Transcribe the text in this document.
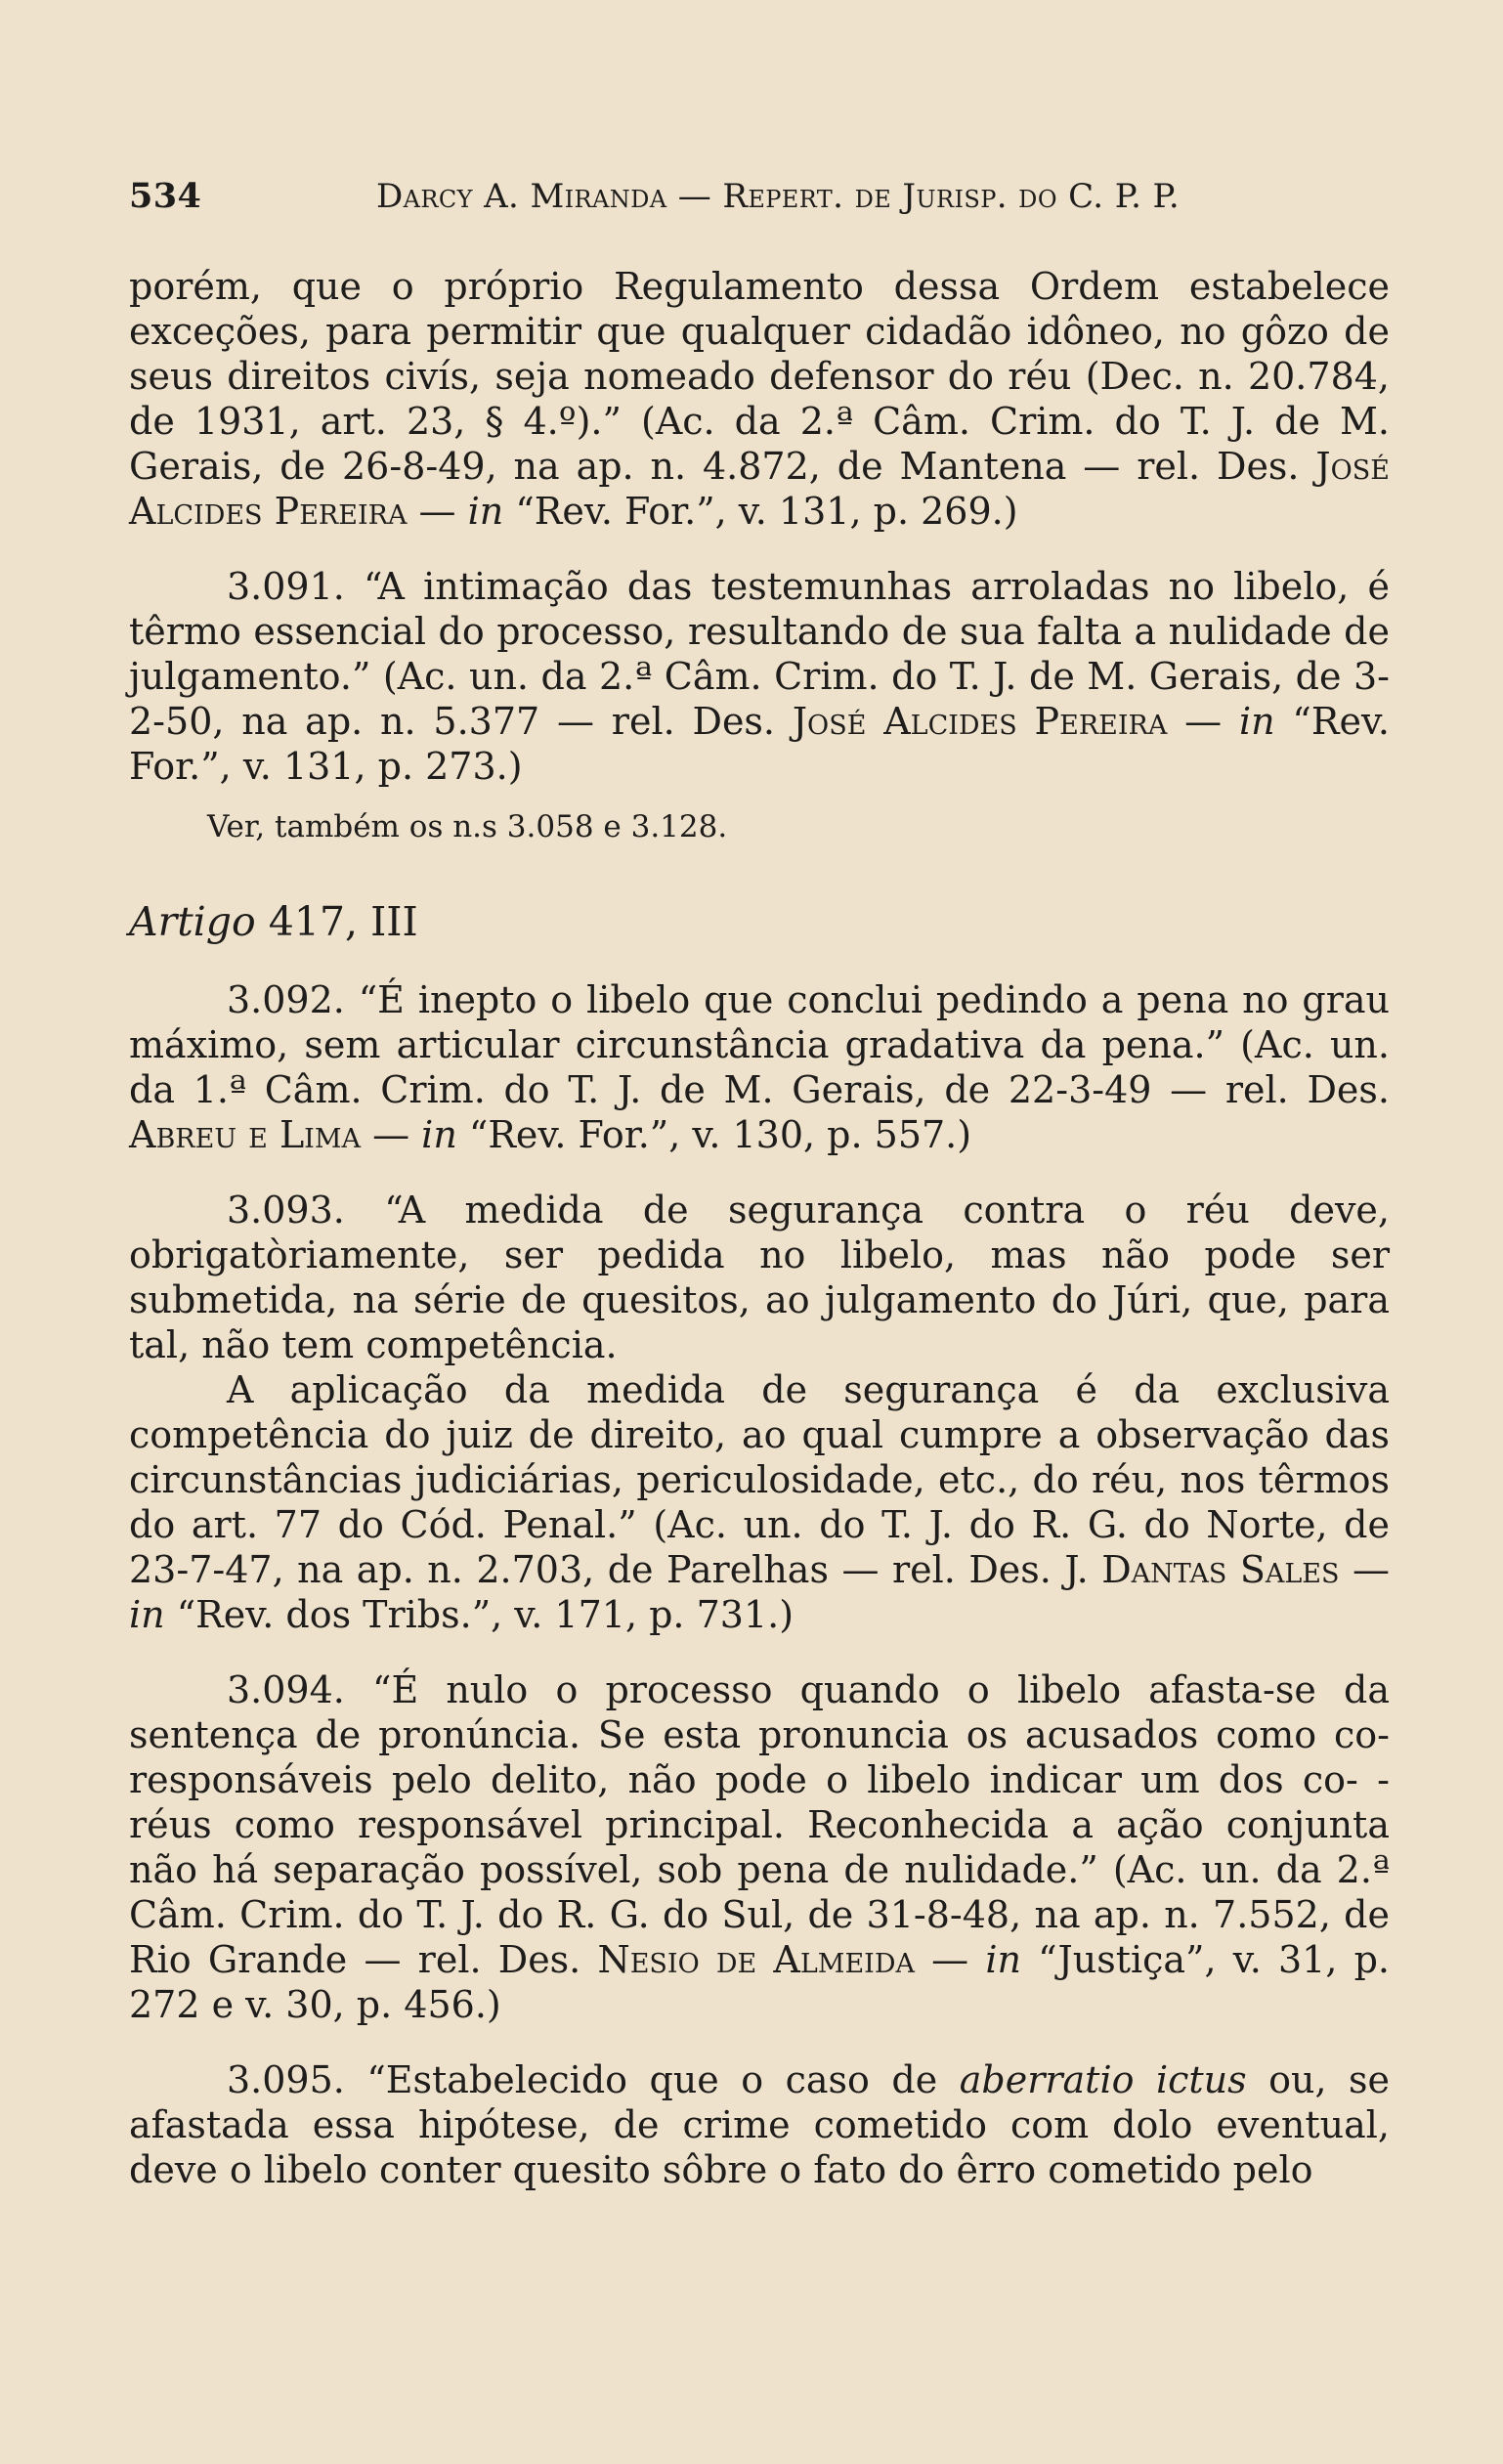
534	Darcy A. Miranda — Repert. de Jurisp. do C. P. P.

porém, que o próprio Regulamento dessa Ordem estabelece exceções, para permitir que qualquer cidadão idôneo, no gôzo de seus direitos civís, seja nomeado defensor do réu (Dec. n. 20.784, de 1931, art. 23, § 4.º).” (Ac. da 2.ª Câm. Crim. do T. J. de M. Gerais, de 26-8-49, na ap. n. 4.872, de Mantena — rel. Des. José Alcides Pereira — in “Rev. For.”, v. 131, p. 269.)

3.091. “A intimação das testemunhas arroladas no libelo, é têrmo essencial do processo, resultando de sua falta a nulidade de julgamento.” (Ac. un. da 2.ª Câm. Crim. do T. J. de M. Gerais, de 3-2-50, na ap. n. 5.377 — rel. Des. José Alcides Pereira — in “Rev. For.”, v. 131, p. 273.)

Ver, também os n.s 3.058 e 3.128.

Artigo 417, III

3.092. “É inepto o libelo que conclui pedindo a pena no grau máximo, sem articular circunstância gradativa da pena.” (Ac. un. da 1.ª Câm. Crim. do T. J. de M. Gerais, de 22-3-49 — rel. Des. Abreu e Lima — in “Rev. For.”, v. 130, p. 557.)

3.093. “A medida de segurança contra o réu deve, obrigatòriamente, ser pedida no libelo, mas não pode ser submetida, na série de quesitos, ao julgamento do Júri, que, para tal, não tem competência.

A aplicação da medida de segurança é da exclusiva competência do juiz de direito, ao qual cumpre a observação das circunstâncias judiciárias, periculosidade, etc., do réu, nos têrmos do art. 77 do Cód. Penal.” (Ac. un. do T. J. do R. G. do Norte, de 23-7-47, na ap. n. 2.703, de Parelhas — rel. Des. J. Dantas Sales — in “Rev. dos Tribs.”, v. 171, p. 731.)

3.094. “É nulo o processo quando o libelo afasta-se da sentença de pronúncia. Se esta pronuncia os acusados como co- responsáveis pelo delito, não pode o libelo indicar um dos co- -réus como responsável principal. Reconhecida a ação conjunta não há separação possível, sob pena de nulidade.” (Ac. un. da 2.ª Câm. Crim. do T. J. do R. G. do Sul, de 31-8-48, na ap. n. 7.552, de Rio Grande — rel. Des. Nesio de Almeida — in “Justiça”, v. 31, p. 272 e v. 30, p. 456.)

3.095. “Estabelecido que o caso de aberratio ictus ou, se afastada essa hipótese, de crime cometido com dolo eventual, deve o libelo conter quesito sôbre o fato do êrro cometido pelo
